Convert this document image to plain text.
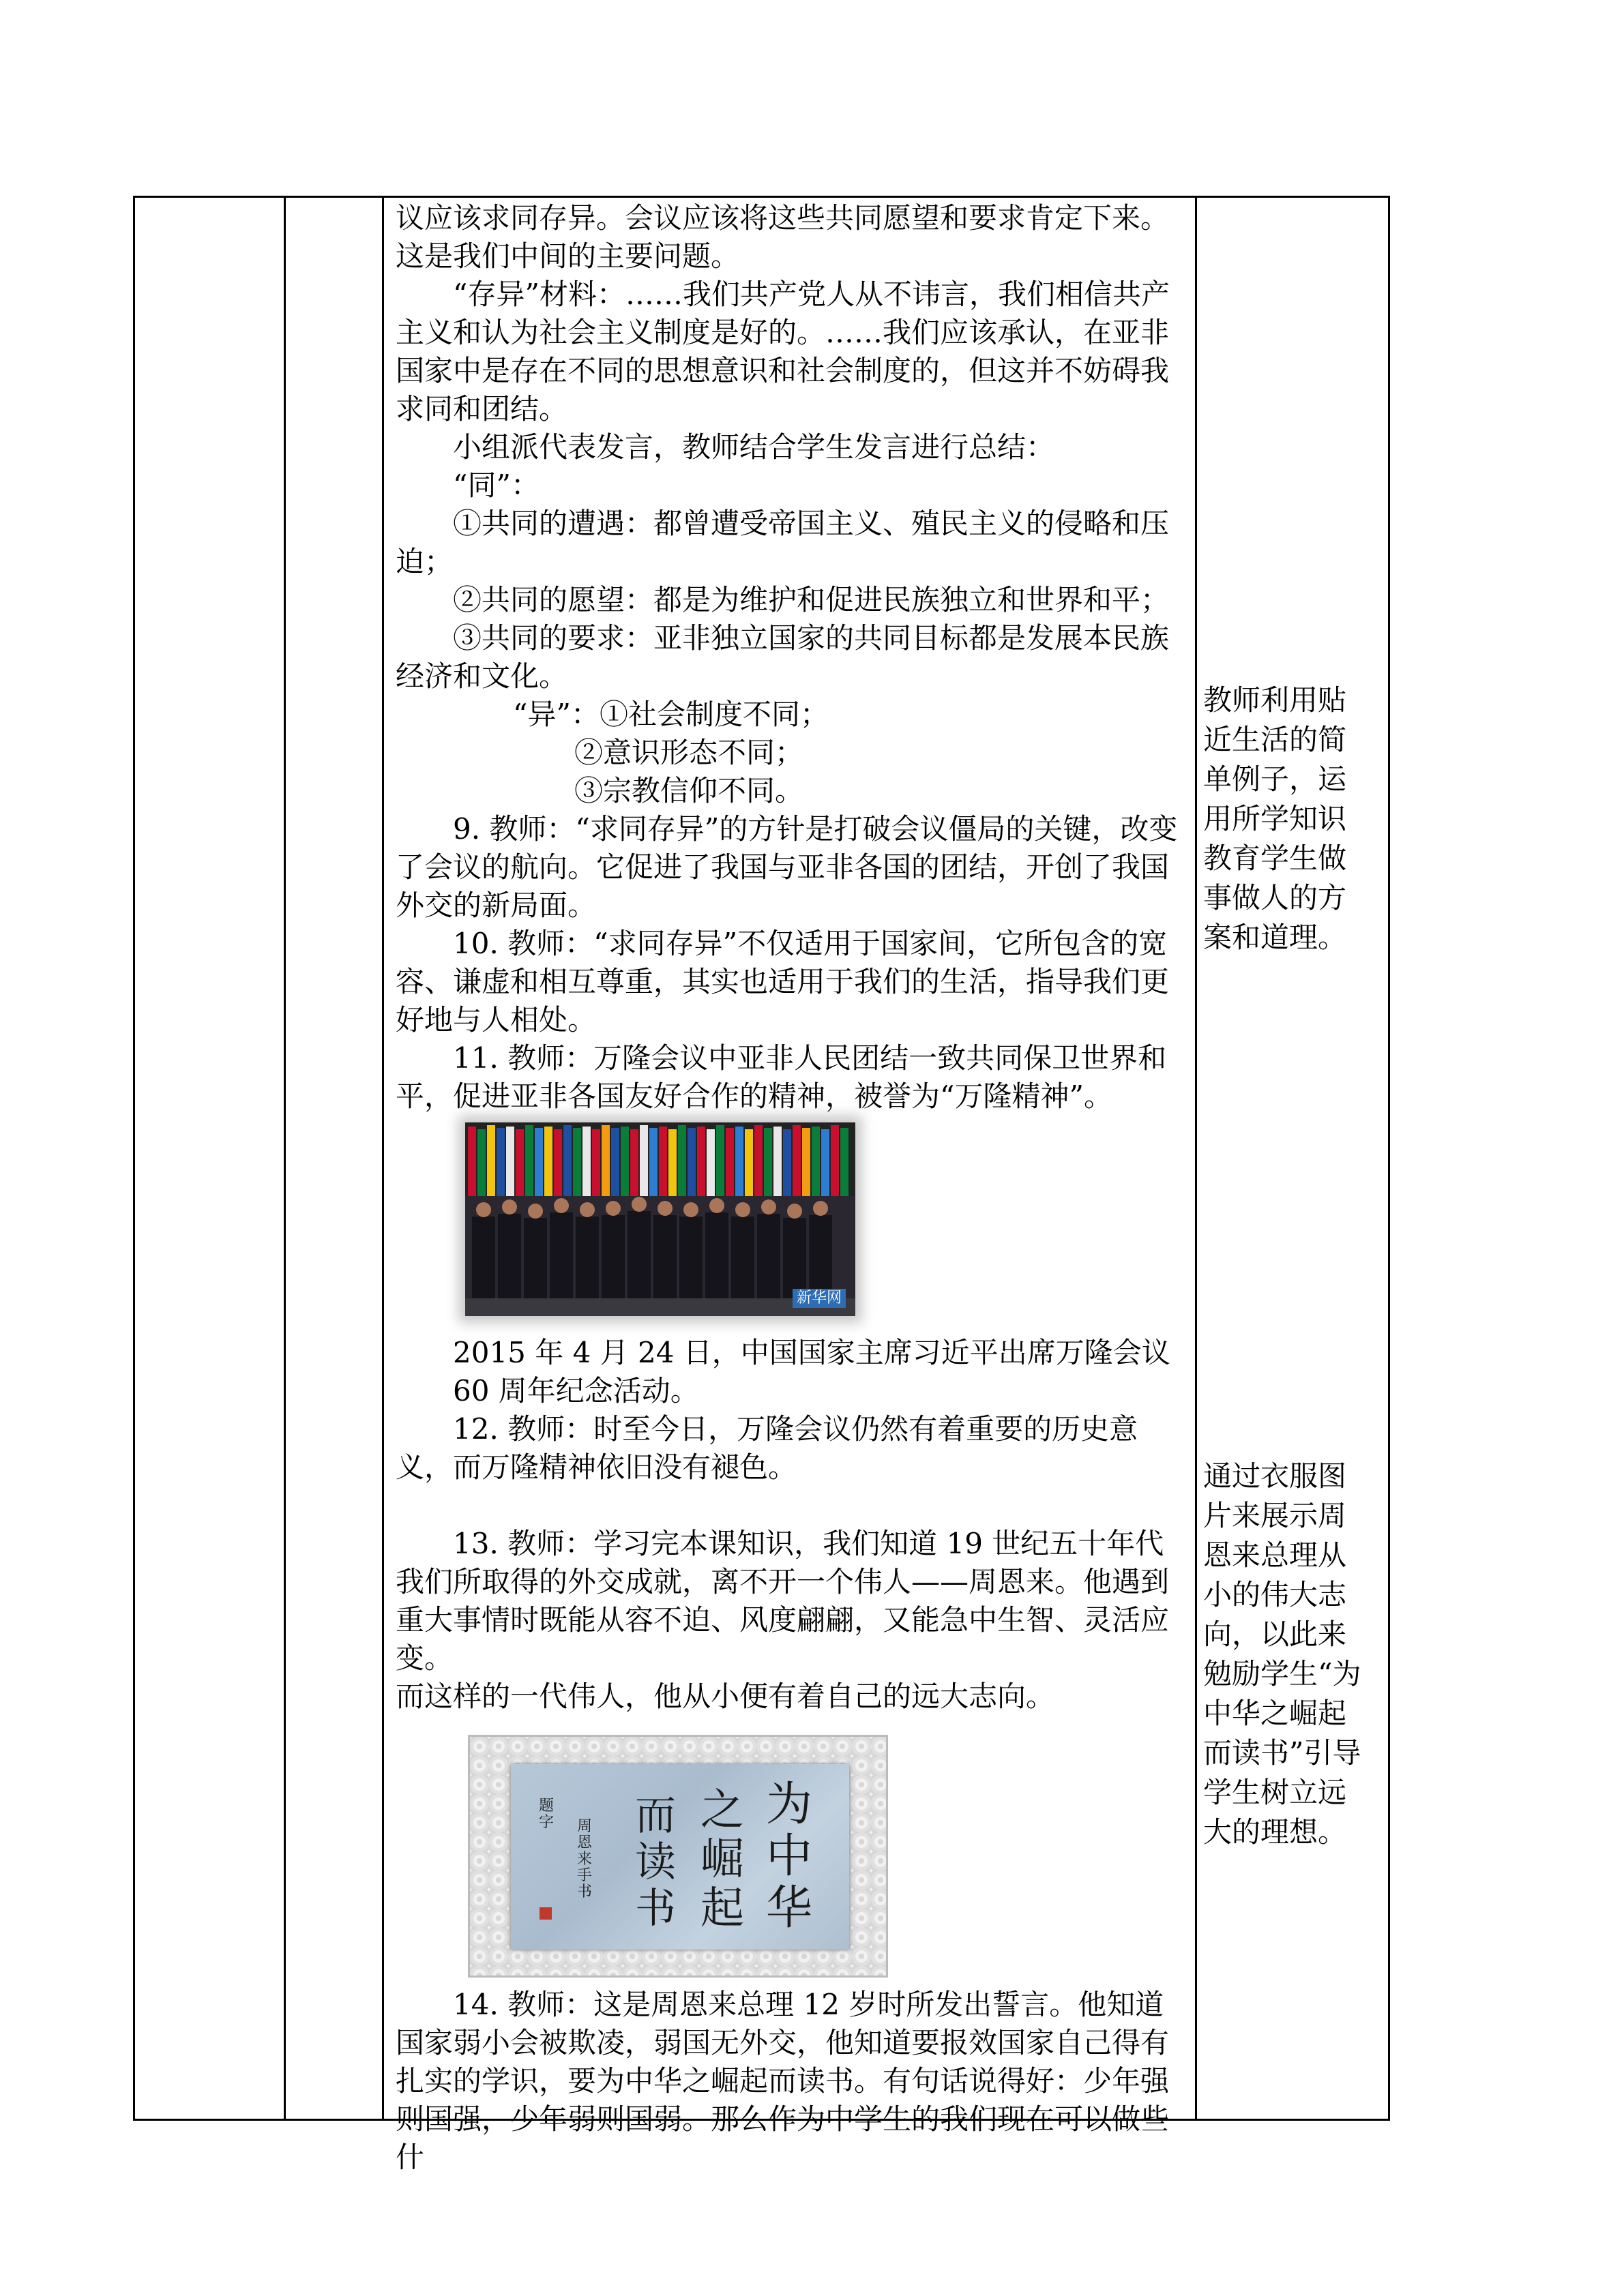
议应该求同存异。会议应该将这些共同愿望和要求肯定下来。这是我们中间的主要问题。

“存异”材料：……我们共产党人从不讳言，我们相信共产主义和认为社会主义制度是好的。……我们应该承认，在亚非国家中是存在不同的思想意识和社会制度的，但这并不妨碍我求同和团结。

小组派代表发言，教师结合学生发言进行总结：

“同”：

①共同的遭遇：都曾遭受帝国主义、殖民主义的侵略和压迫；

②共同的愿望：都是为维护和促进民族独立和世界和平；

③共同的要求：亚非独立国家的共同目标都是发展本民族经济和文化。

“异”：①社会制度不同；

②意识形态不同；

③宗教信仰不同。

9. 教师：“求同存异”的方针是打破会议僵局的关键，改变了会议的航向。它促进了我国与亚非各国的团结，开创了我国外交的新局面。

10. 教师：“求同存异”不仅适用于国家间，它所包含的宽容、谦虚和相互尊重，其实也适用于我们的生活，指导我们更好地与人相处。

11. 教师：万隆会议中亚非人民团结一致共同保卫世界和平，促进亚非各国友好合作的精神，被誉为“万隆精神”。

新华网

2015 年 4 月 24 日，中国国家主席习近平出席万隆会议 60 周年纪念活动。

12. 教师：时至今日，万隆会议仍然有着重要的历史意义，而万隆精神依旧没有褪色。

13. 教师：学习完本课知识，我们知道 19 世纪五十年代我们所取得的外交成就，离不开一个伟人——周恩来。他遇到重大事情时既能从容不迫、风度翩翩，又能急中生智、灵活应变。

而这样的一代伟人，他从小便有着自己的远大志向。

为中华
之崛起
而读书
周恩来手书
题字

14. 教师：这是周恩来总理 12 岁时所发出誓言。他知道国家弱小会被欺凌，弱国无外交，他知道要报效国家自己得有扎实的学识，要为中华之崛起而读书。有句话说得好：少年强则国强，少年弱则国弱。那么作为中学生的我们现在可以做些什

教师利用贴近生活的简单例子，运用所学知识教育学生做事做人的方案和道理。
通过衣服图片来展示周恩来总理从小的伟大志向，以此来勉励学生“为中华之崛起而读书”引导学生树立远大的理想。
